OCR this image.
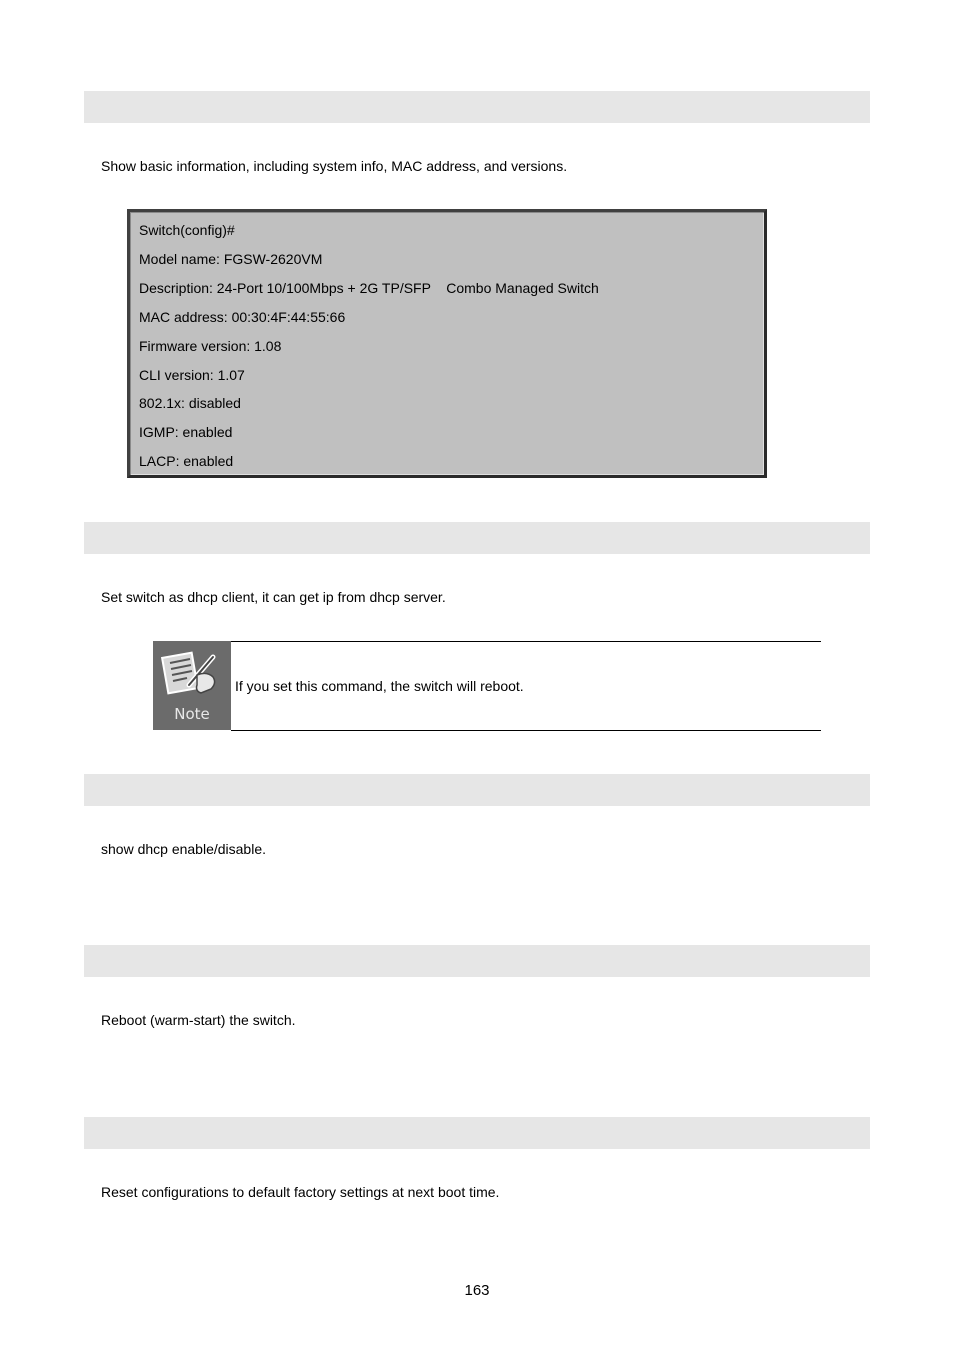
Show basic information, including system info, MAC address, and versions.
Switch(config)#
Model name: FGSW-2620VM
Description: 24-Port 10/100Mbps + 2G TP/SFP    Combo Managed Switch
MAC address: 00:30:4F:44:55:66
Firmware version: 1.08
CLI version: 1.07
802.1x: disabled
IGMP: enabled
LACP: enabled
Set switch as dhcp client, it can get ip from dhcp server.
Note
If you set this command, the switch will reboot.
show dhcp enable/disable.
Reboot (warm-start) the switch.
Reset configurations to default factory settings at next boot time.
163
